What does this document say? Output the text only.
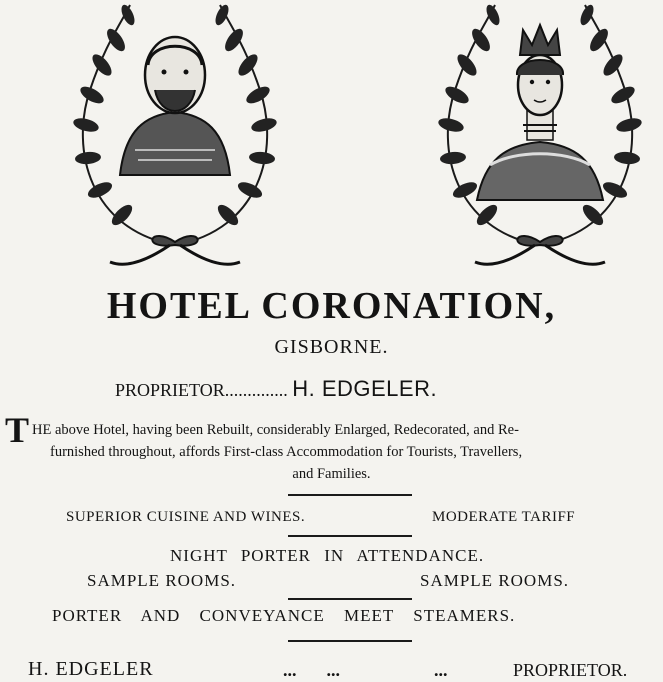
HOTEL CORONATION,
GISBORNE.
PROPRIETOR.............. H. EDGELER.
T HE above Hotel, having been Rebuilt, considerably Enlarged, Redecorated, and Re-
furnished throughout, affords First-class Accommodation for Tourists, Travellers,
and Families.
SUPERIOR CUISINE AND WINES.	MODERATE TARIFF
NIGHT PORTER IN ATTENDANCE.
SAMPLE ROOMS.	SAMPLE ROOMS.
PORTER AND CONVEYANCE MEET STEAMERS.
H. EDGELER	... ...	...	PROPRIETOR.
